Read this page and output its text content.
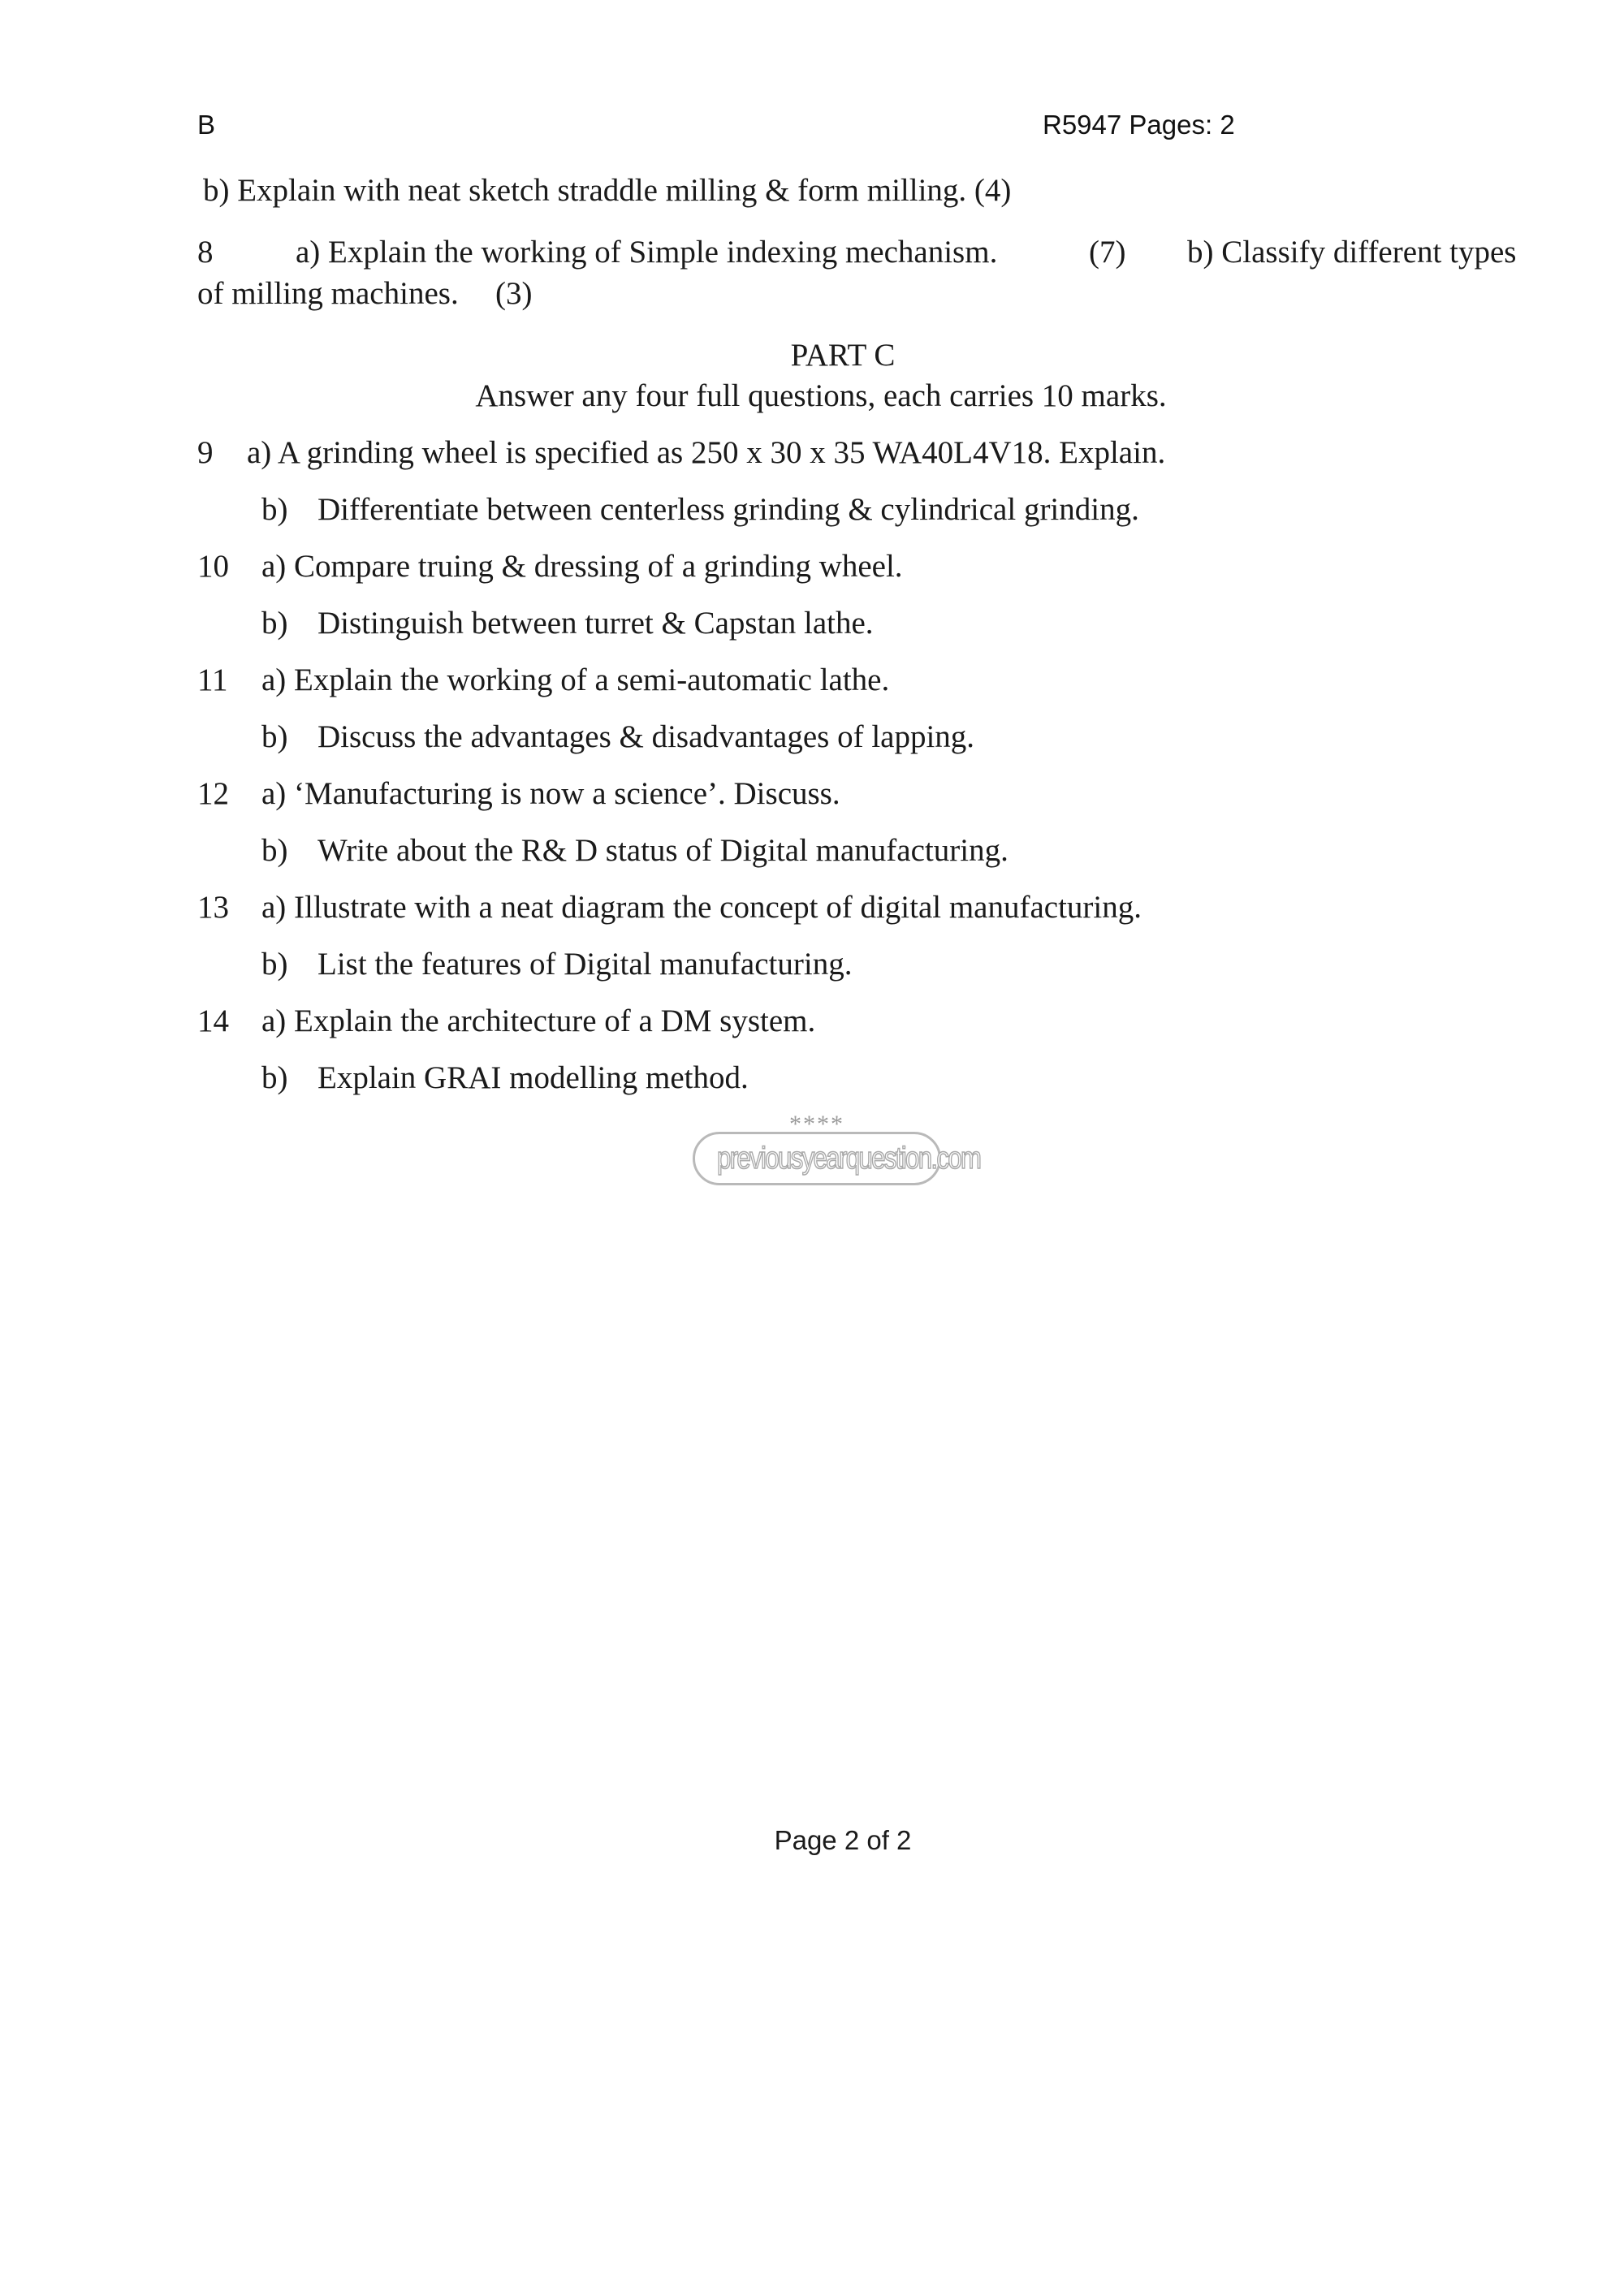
B	R5947 Pages: 2
b) Explain with neat sketch straddle milling & form milling. (4)
8	a) Explain the working of Simple indexing mechanism.	(7) b) Classify different types
of milling machines. (3)
PART C
Answer any four full questions, each carries 10 marks.
9 a) A grinding wheel is specified as 250 x 30 x 35 WA40L4V18. Explain.
b) Differentiate between centerless grinding & cylindrical grinding.
10 a) Compare truing & dressing of a grinding wheel.
b) Distinguish between turret & Capstan lathe.
11 a) Explain the working of a semi-automatic lathe.
b) Discuss the advantages & disadvantages of lapping.
12 a) ‘Manufacturing is now a science’. Discuss.
b) Write about the R& D status of Digital manufacturing.
13 a) Illustrate with a neat diagram the concept of digital manufacturing.
b) List the features of Digital manufacturing.
14 a) Explain the architecture of a DM system.
b) Explain GRAI modelling method.
****
previousyearquestion.com
Page 2 of 2
